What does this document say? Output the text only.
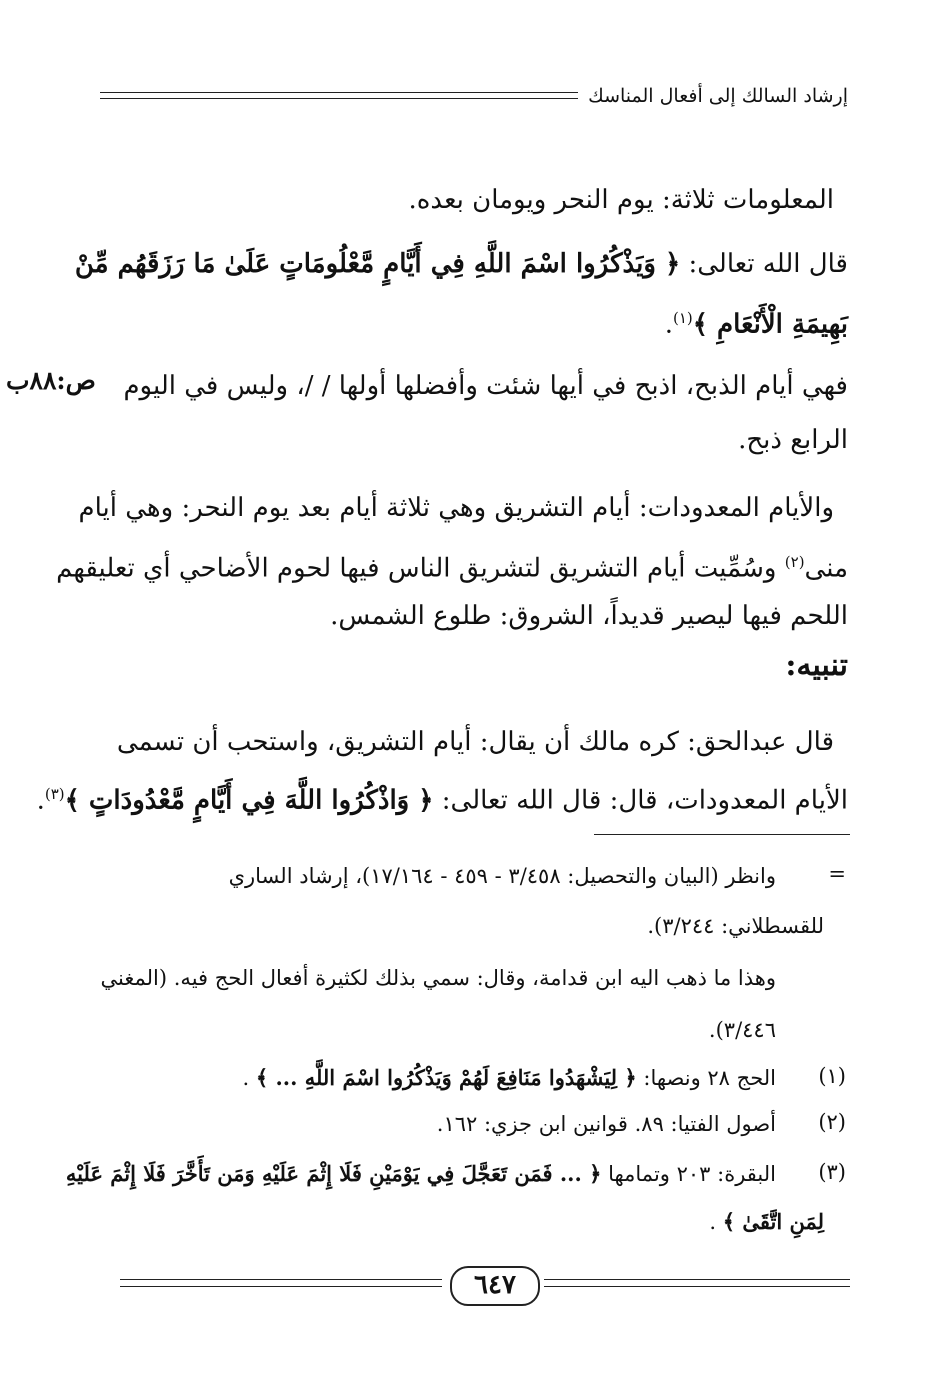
إرشاد السالك إلى أفعال المناسك
المعلومات ثلاثة: يوم النحر ويومان بعده.
قال الله تعالى: ﴿ وَيَذْكُرُوا اسْمَ اللَّهِ فِي أَيَّامٍ مَّعْلُومَاتٍ عَلَىٰ مَا رَزَقَهُم مِّنْ
بَهِيمَةِ الْأَنْعَامِ ﴾$^{(١)}$.
فهي أيام الذبح، اذبح في أيها شئت وأفضلها أولها / /، وليس في اليوم
ص:٨٨ب
الرابع ذبح.
والأيام المعدودات: أيام التشريق وهي ثلاثة أيام بعد يوم النحر: وهي أيام
منى$^{(٢)}$ وسُمِّيت أيام التشريق لتشريق الناس فيها لحوم الأضاحي أي تعليقهم
اللحم فيها ليصير قديداً، الشروق: طلوع الشمس.
تنبيه:
قال عبدالحق: كره مالك أن يقال: أيام التشريق، واستحب أن تسمى
الأيام المعدودات، قال: قال الله تعالى: ﴿ وَاذْكُرُوا اللَّهَ فِي أَيَّامٍ مَّعْدُودَاتٍ ﴾$^{(٣)}$.
=
وانظر (البيان والتحصيل: ٣/٤٥٨ - ٤٥٩ - ١٧/١٦٤)، إرشاد الساري
للقسطلاني: ٣/٢٤٤).
وهذا ما ذهب اليه ابن قدامة، وقال: سمي بذلك لكثيرة أفعال الحج فيه. (المغني
٣/٤٤٦).
(١)
الحج ٢٨ ونصها: ﴿ لِيَشْهَدُوا مَنَافِعَ لَهُمْ وَيَذْكُرُوا اسْمَ اللَّهِ ... ﴾ .
(٢)
أصول الفتيا: ٨٩. قوانين ابن جزي: ١٦٢.
(٣)
البقرة: ٢٠٣ وتمامها ﴿ ... فَمَن تَعَجَّلَ فِي يَوْمَيْنِ فَلَا إِثْمَ عَلَيْهِ وَمَن تَأَخَّرَ فَلَا إِثْمَ عَلَيْهِ
لِمَنِ اتَّقَىٰ ﴾ .
٦٤٧
